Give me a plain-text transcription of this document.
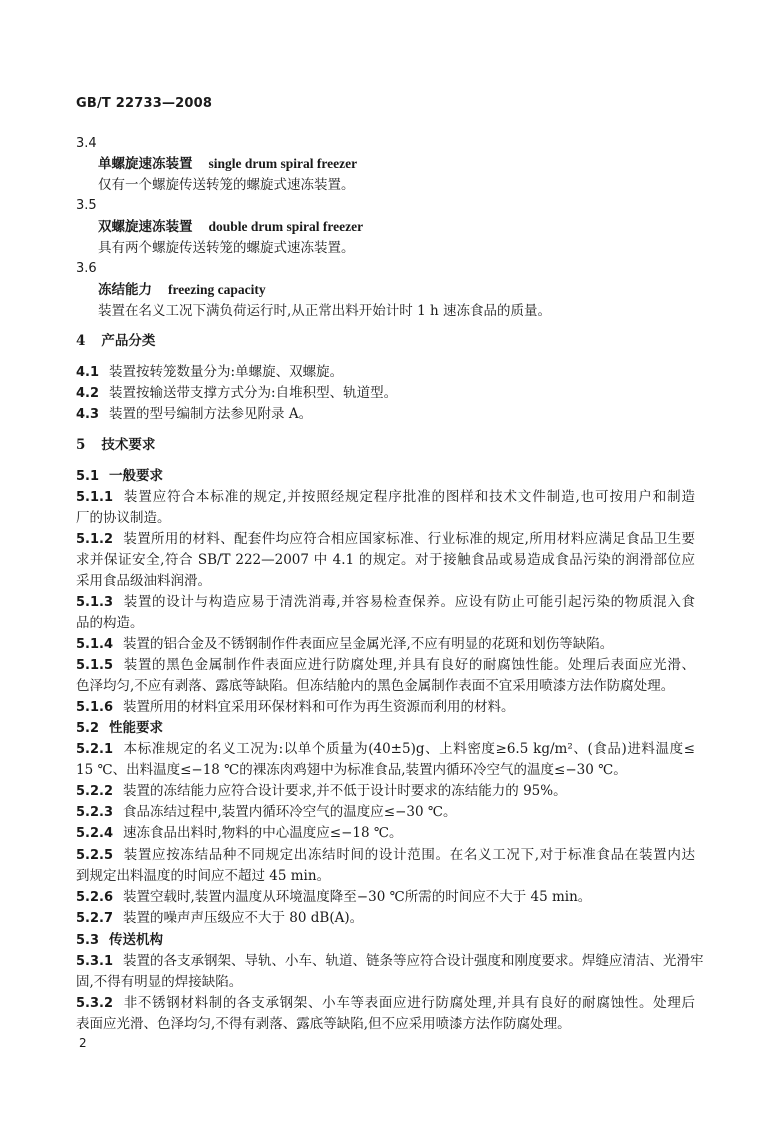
GB/T 22733—2008
3.4
单螺旋速冻装置 single drum spiral freezer
仅有一个螺旋传送转笼的螺旋式速冻装置。
3.5
双螺旋速冻装置 double drum spiral freezer
具有两个螺旋传送转笼的螺旋式速冻装置。
3.6
冻结能力 freezing capacity
装置在名义工况下满负荷运行时,从正常出料开始计时 1 h 速冻食品的质量。
4 产品分类
4.1 装置按转笼数量分为:单螺旋、双螺旋。
4.2 装置按输送带支撑方式分为:自堆积型、轨道型。
4.3 装置的型号编制方法参见附录 A。
5 技术要求
5.1 一般要求
5.1.1 装置应符合本标准的规定,并按照经规定程序批准的图样和技术文件制造,也可按用户和制造
厂的协议制造。
5.1.2 装置所用的材料、配套件均应符合相应国家标准、行业标准的规定,所用材料应满足食品卫生要
求并保证安全,符合 SB/T 222—2007 中 4.1 的规定。对于接触食品或易造成食品污染的润滑部位应
采用食品级油料润滑。
5.1.3 装置的设计与构造应易于清洗消毒,并容易检查保养。应设有防止可能引起污染的物质混入食
品的构造。
5.1.4 装置的铝合金及不锈钢制作件表面应呈金属光泽,不应有明显的花斑和划伤等缺陷。
5.1.5 装置的黑色金属制作件表面应进行防腐处理,并具有良好的耐腐蚀性能。处理后表面应光滑、
色泽均匀,不应有剥落、露底等缺陷。但冻结舱内的黑色金属制作表面不宜采用喷漆方法作防腐处理。
5.1.6 装置所用的材料宜采用环保材料和可作为再生资源而利用的材料。
5.2 性能要求
5.2.1 本标准规定的名义工况为:以单个质量为(40±5)g、上料密度≥6.5 kg/m²、(食品)进料温度≤
15 ℃、出料温度≤−18 ℃的裸冻肉鸡翅中为标准食品,装置内循环冷空气的温度≤−30 ℃。
5.2.2 装置的冻结能力应符合设计要求,并不低于设计时要求的冻结能力的 95%。
5.2.3 食品冻结过程中,装置内循环冷空气的温度应≤−30 ℃。
5.2.4 速冻食品出料时,物料的中心温度应≤−18 ℃。
5.2.5 装置应按冻结品种不同规定出冻结时间的设计范围。在名义工况下,对于标准食品在装置内达
到规定出料温度的时间应不超过 45 min。
5.2.6 装置空载时,装置内温度从环境温度降至−30 ℃所需的时间应不大于 45 min。
5.2.7 装置的噪声声压级应不大于 80 dB(A)。
5.3 传送机构
5.3.1 装置的各支承钢架、导轨、小车、轨道、链条等应符合设计强度和刚度要求。焊缝应清洁、光滑牢
固,不得有明显的焊接缺陷。
5.3.2 非不锈钢材料制的各支承钢架、小车等表面应进行防腐处理,并具有良好的耐腐蚀性。处理后
表面应光滑、色泽均匀,不得有剥落、露底等缺陷,但不应采用喷漆方法作防腐处理。
2
